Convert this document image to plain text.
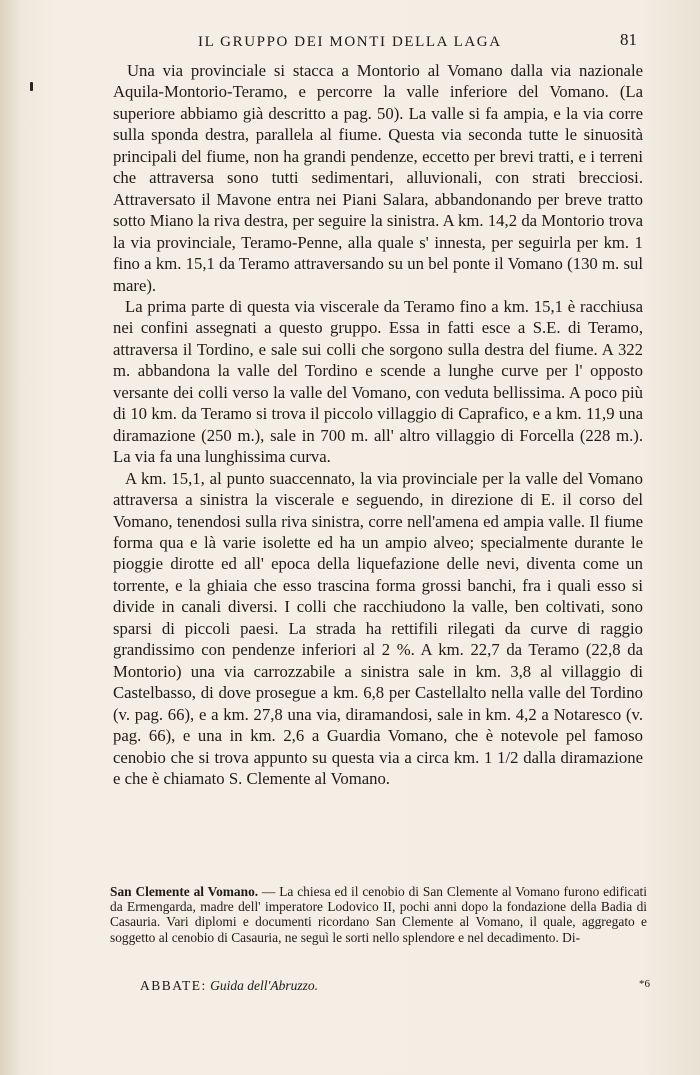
IL GRUPPO DEI MONTI DELLA LAGA	81

Una via provinciale si stacca a Montorio al Vomano dalla via nazionale Aquila-Montorio-Teramo, e percorre la valle inferiore del Vomano. (La superiore abbiamo già descritto a pag. 50). La valle si fa ampia, e la via corre sulla sponda destra, parallela al fiume. Questa via seconda tutte le sinuosità principali del fiume, non ha grandi pendenze, eccetto per brevi tratti, e i terreni che attraversa sono tutti sedimentari, alluvionali, con strati brecciosi. Attraversato il Mavone entra nei Piani Salara, abbandonando per breve tratto sotto Miano la riva destra, per seguire la sinistra. A km. 14,2 da Montorio trova la via provinciale, Teramo-Penne, alla quale s' innesta, per seguirla per km. 1 fino a km. 15,1 da Teramo attraversando su un bel ponte il Vomano (130 m. sul mare).

La prima parte di questa via viscerale da Teramo fino a km. 15,1 è racchiusa nei confini assegnati a questo gruppo. Essa in fatti esce a S.E. di Teramo, attraversa il Tordino, e sale sui colli che sorgono sulla destra del fiume. A 322 m. abbandona la valle del Tordino e scende a lunghe curve per l' opposto versante dei colli verso la valle del Vomano, con veduta bellissima. A poco più di 10 km. da Teramo si trova il piccolo villaggio di Caprafico, e a km. 11,9 una diramazione (250 m.), sale in 700 m. all' altro villaggio di Forcella (228 m.). La via fa una lunghissima curva.

A km. 15,1, al punto suaccennato, la via provinciale per la valle del Vomano attraversa a sinistra la viscerale e seguendo, in direzione di E. il corso del Vomano, tenendosi sulla riva sinistra, corre nell'amena ed ampia valle. Il fiume forma qua e là varie isolette ed ha un ampio alveo; specialmente durante le pioggie dirotte ed all' epoca della liquefazione delle nevi, diventa come un torrente, e la ghiaia che esso trascina forma grossi banchi, fra i quali esso si divide in canali diversi. I colli che racchiudono la valle, ben coltivati, sono sparsi di piccoli paesi. La strada ha rettifili rilegati da curve di raggio grandissimo con pendenze inferiori al 2 %. A km. 22,7 da Teramo (22,8 da Montorio) una via carrozzabile a sinistra sale in km. 3,8 al villaggio di Castelbasso, di dove prosegue a km. 6,8 per Castellalto nella valle del Tordino (v. pag. 66), e a km. 27,8 una via, diramandosi, sale in km. 4,2 a Notaresco (v. pag. 66), e una in km. 2,6 a Guardia Vomano, che è notevole pel famoso cenobio che si trova appunto su questa via a circa km. 1 1/2 dalla diramazione e che è chiamato S. Clemente al Vomano.

San Clemente al Vomano. — La chiesa ed il cenobio di San Clemente al Vomano furono edificati da Ermengarda, madre dell' imperatore Lodovico II, pochi anni dopo la fondazione della Badia di Casauria. Vari diplomi e documenti ricordano San Clemente al Vomano, il quale, aggregato e soggetto al cenobio di Casauria, ne seguì le sorti nello splendore e nel decadimento. Di-
ABBATE: Guida dell'Abruzzo.	*6
